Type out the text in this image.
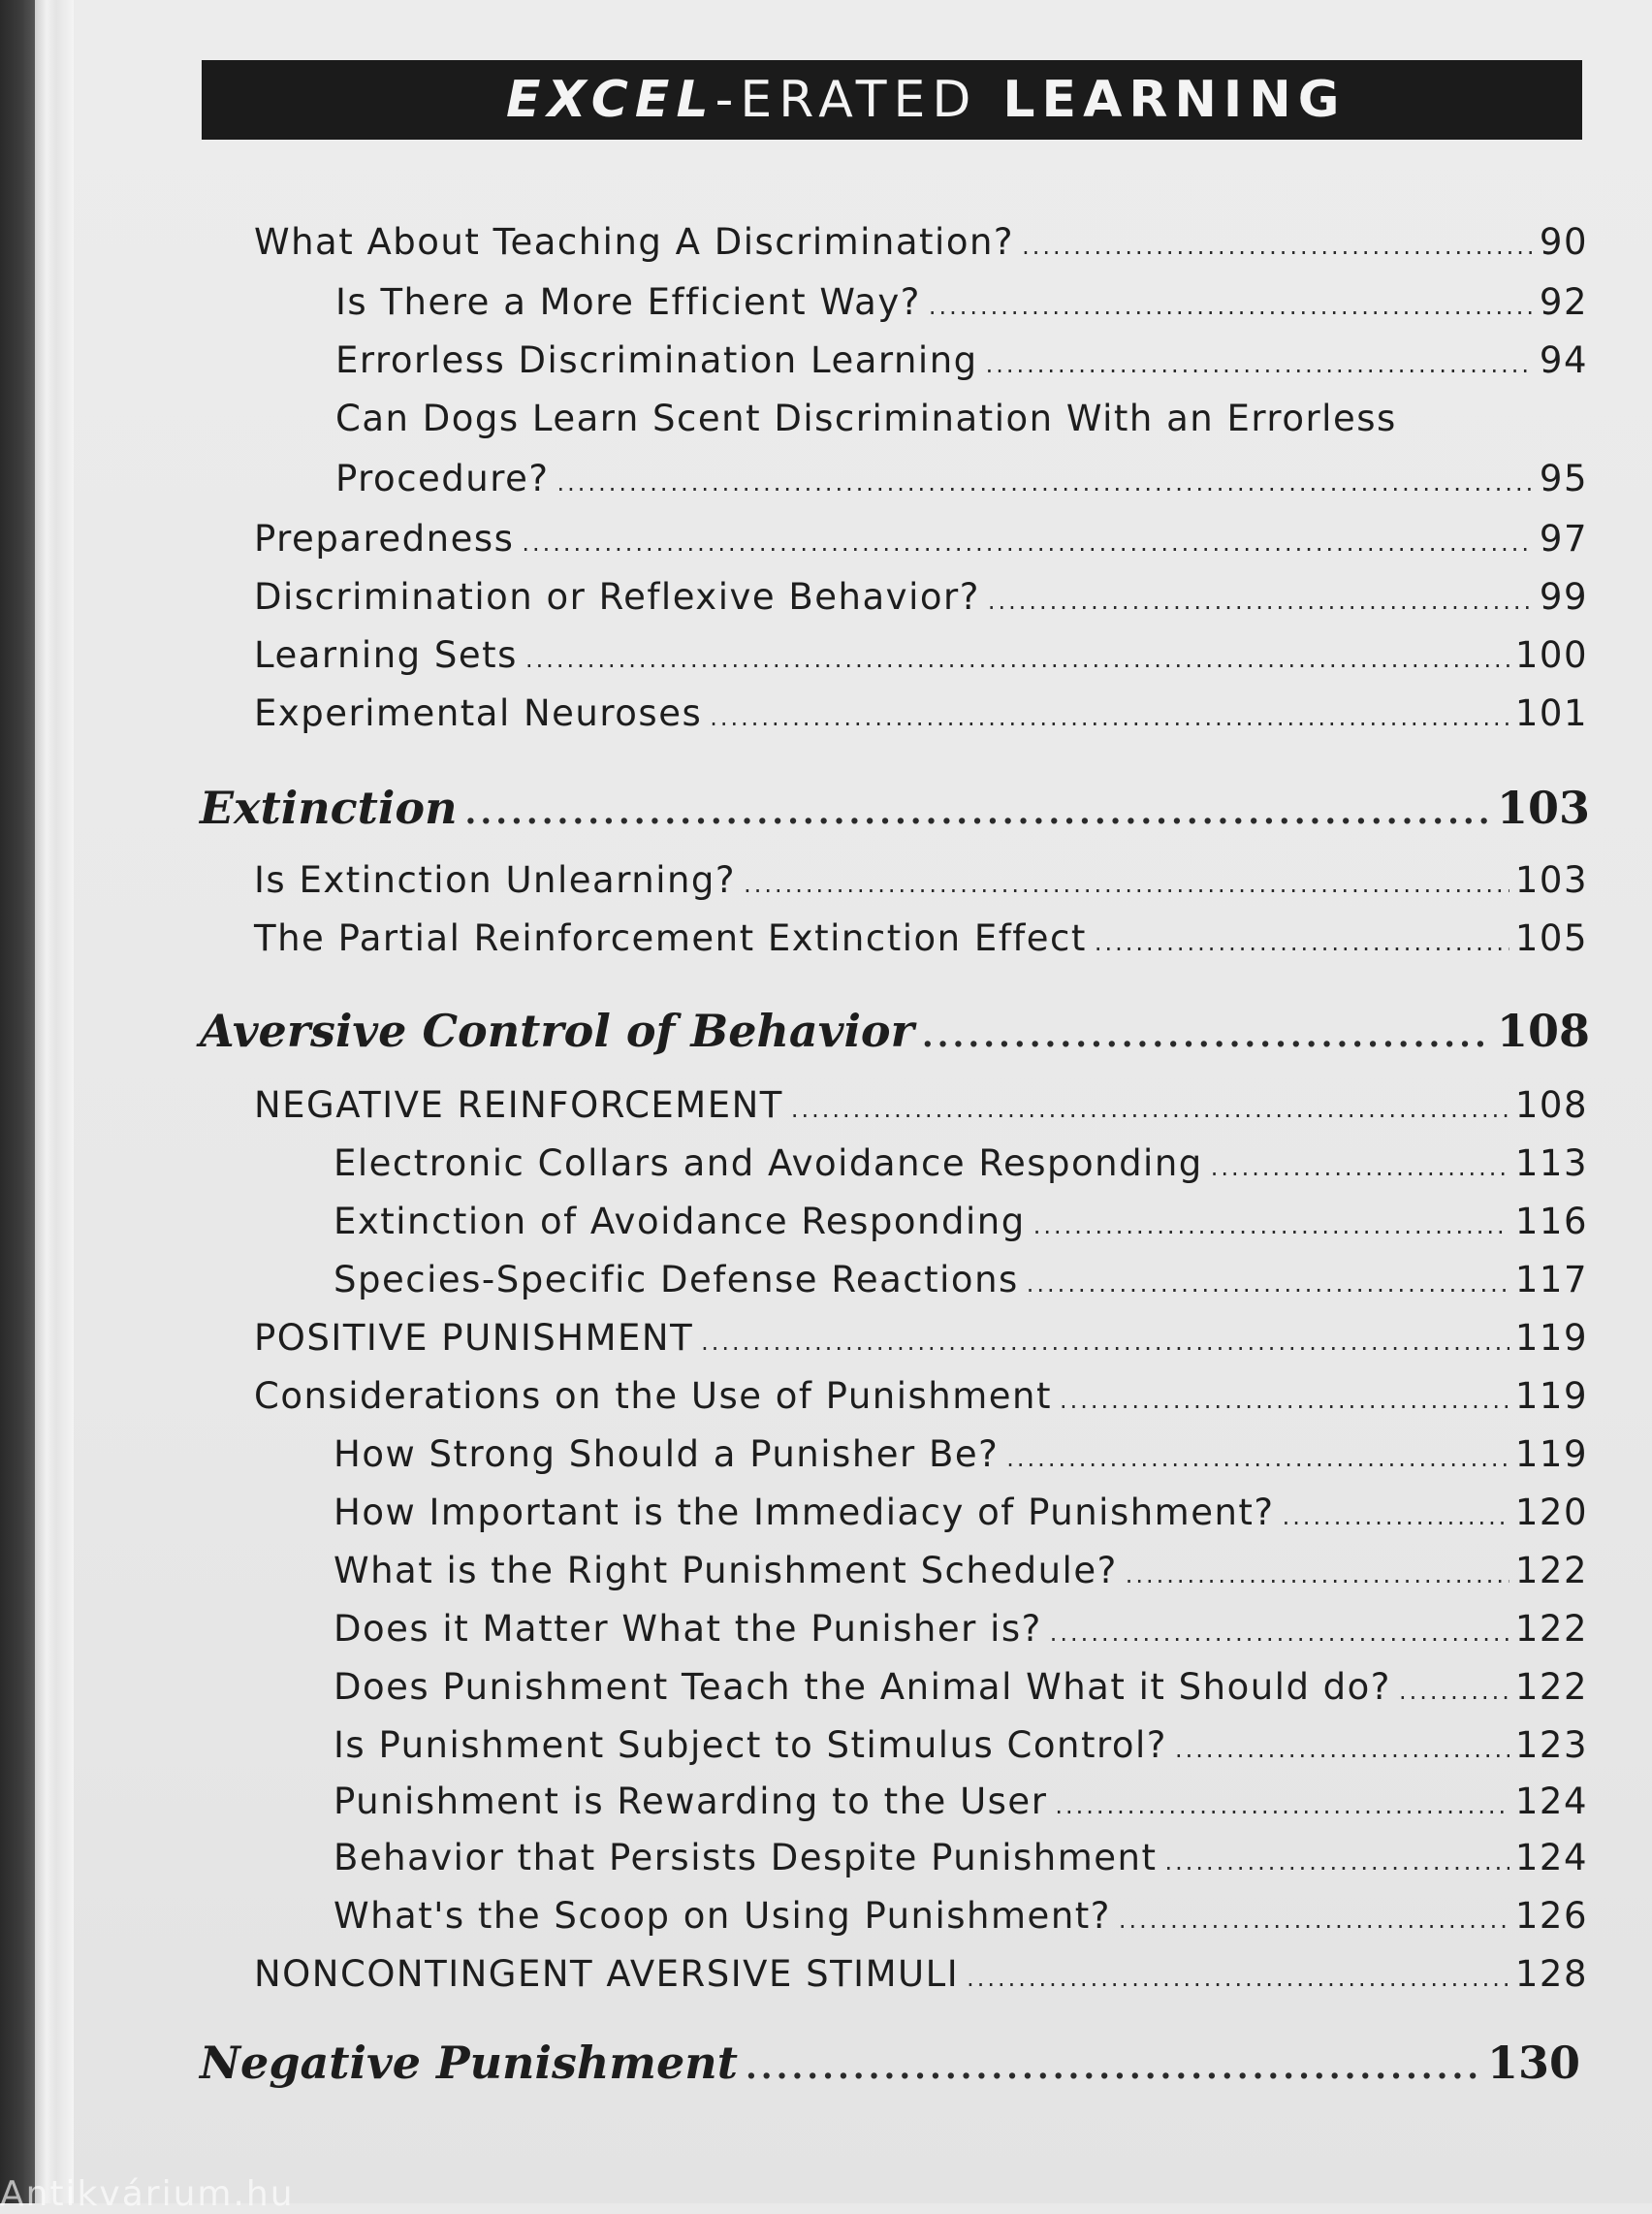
EXCEL -ERATED LEARNING
What About Teaching A Discrimination? .....	90
Is There a More Efficient Way? .....	92
Errorless Discrimination Learning .....	94
Can Dogs Learn Scent Discrimination With an Errorless
Procedure? .....	95
Preparedness .....	97
Discrimination or Reflexive Behavior? .....	99
Learning Sets .....	100
Experimental Neuroses .....	101
Extinction .....	103
Is Extinction Unlearning? .....	103
The Partial Reinforcement Extinction Effect .....	105
Aversive Control of Behavior .....	108
NEGATIVE REINFORCEMENT .....	108
Electronic Collars and Avoidance Responding .....	113
Extinction of Avoidance Responding .....	116
Species-Specific Defense Reactions .....	117
POSITIVE PUNISHMENT .....	119
Considerations on the Use of Punishment .....	119
How Strong Should a Punisher Be? .....	119
How Important is the Immediacy of Punishment? .....	120
What is the Right Punishment Schedule? .....	122
Does it Matter What the Punisher is? .....	122
Does Punishment Teach the Animal What it Should do? .....	122
Is Punishment Subject to Stimulus Control? .....	123
Punishment is Rewarding to the User .....	124
Behavior that Persists Despite Punishment .....	124
What's the Scoop on Using Punishment? .....	126
NONCONTINGENT AVERSIVE STIMULI .....	128
Negative Punishment .....	130
Antikvárium.hu
